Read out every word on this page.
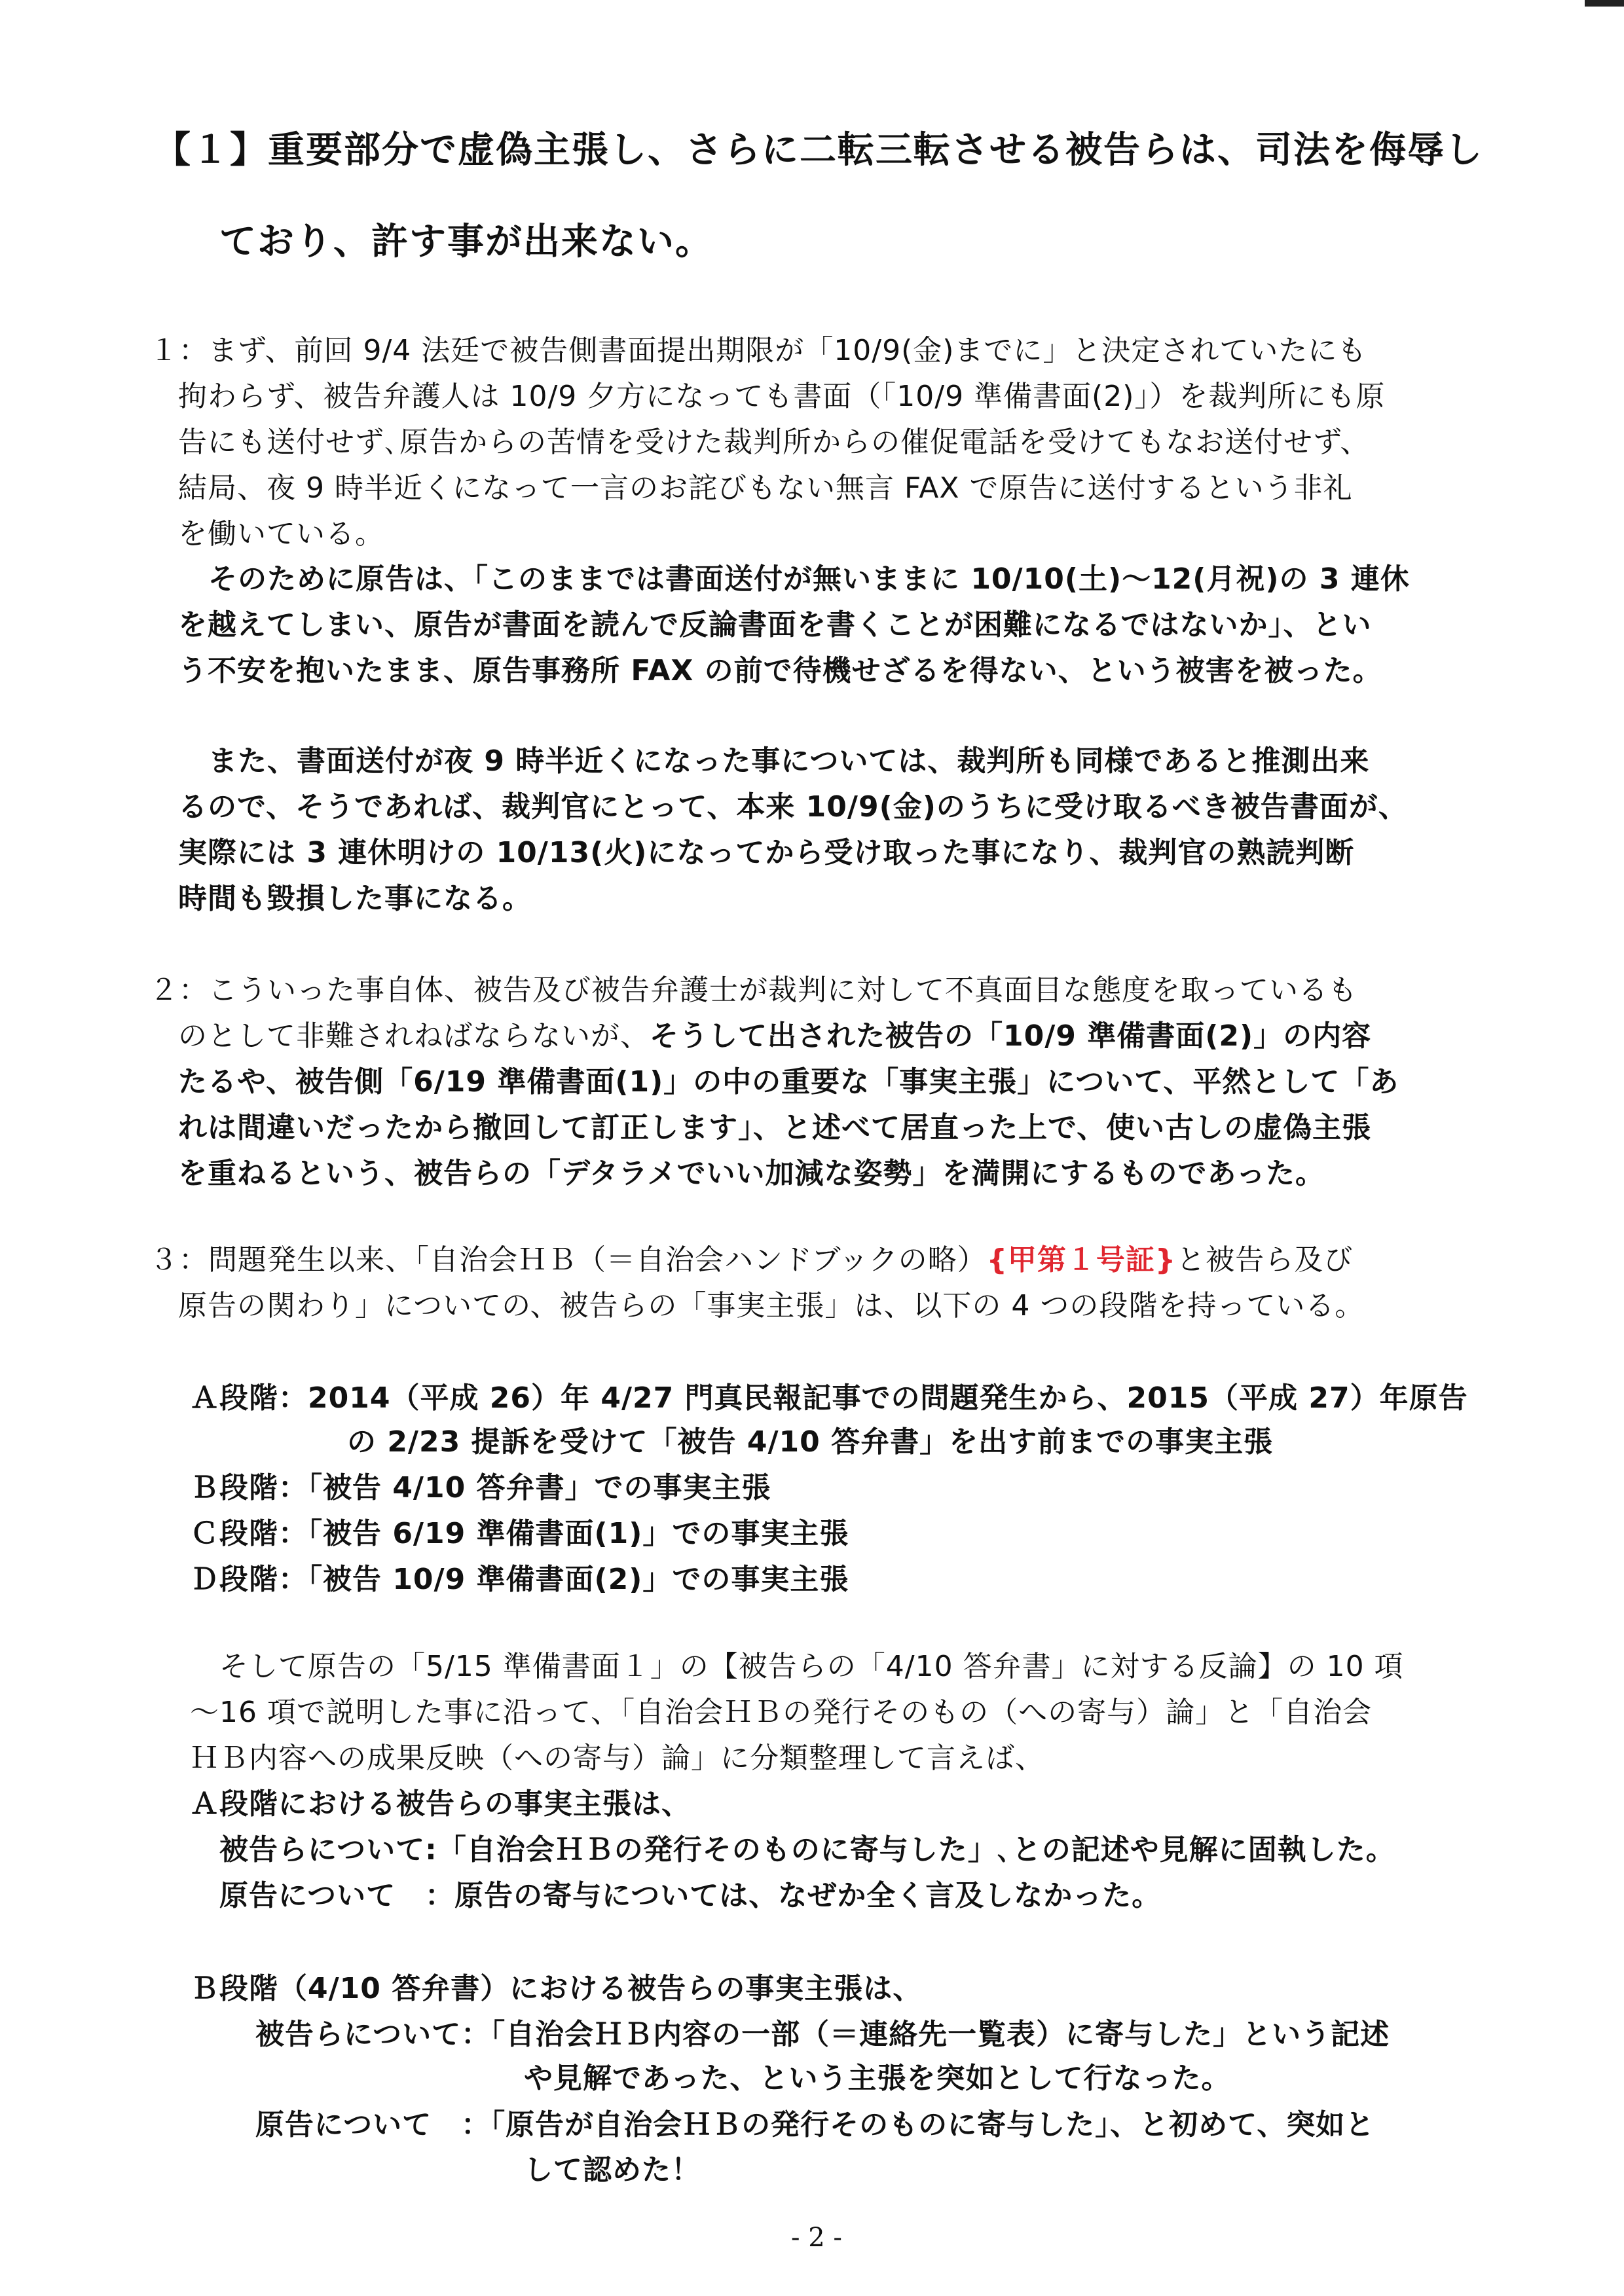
【１】重要部分で虚偽主張し、さらに二転三転させる被告らは、司法を侮辱し

ており、許す事が出来ない。

１：まず、前回 9/4 法廷で被告側書面提出期限が「10/9(金)までに」と決定されていたにも

拘わらず、被告弁護人は 10/9 夕方になっても書面（「10/9 準備書面(2)」）を裁判所にも原

告にも送付せず､原告からの苦情を受けた裁判所からの催促電話を受けてもなお送付せず、

結局、夜 9 時半近くになって一言のお詫びもない無言 FAX で原告に送付するという非礼

を働いている。

そのために原告は、「このままでは書面送付が無いままに 10/10(土)～12(月祝)の 3 連休

を越えてしまい、原告が書面を読んで反論書面を書くことが困難になるではないか」、とい

う不安を抱いたまま、原告事務所 FAX の前で待機せざるを得ない、という被害を被った。

また、書面送付が夜 9 時半近くになった事については、裁判所も同様であると推測出来

るので、そうであれば、裁判官にとって、本来 10/9(金)のうちに受け取るべき被告書面が、

実際には 3 連休明けの 10/13(火)になってから受け取った事になり、裁判官の熟読判断

時間も毀損した事になる。

２：こういった事自体、被告及び被告弁護士が裁判に対して不真面目な態度を取っているも

のとして非難されねばならないが、そうして出された被告の「10/9 準備書面(2)」の内容

たるや、被告側「6/19 準備書面(1)」の中の重要な「事実主張」について、平然として「あ

れは間違いだったから撤回して訂正します」、と述べて居直った上で、使い古しの虚偽主張

を重ねるという、被告らの「デタラメでいい加減な姿勢」を満開にするものであった。

３：問題発生以来、「自治会ＨＢ（＝自治会ハンドブックの略）{甲第１号証}と被告ら及び

原告の関わり」についての、被告らの「事実主張」は、以下の 4 つの段階を持っている。

Ａ段階：2014（平成 26）年 4/27 門真民報記事での問題発生から、2015（平成 27）年原告

の 2/23 提訴を受けて「被告 4/10 答弁書」を出す前までの事実主張

Ｂ段階：「被告 4/10 答弁書」での事実主張

Ｃ段階：「被告 6/19 準備書面(1)」での事実主張

Ｄ段階：「被告 10/9 準備書面(2)」での事実主張

そして原告の「5/15 準備書面１」の【被告らの「4/10 答弁書」に対する反論】の 10 項

～16 項で説明した事に沿って、「自治会ＨＢの発行そのもの（への寄与）論」と「自治会

ＨＢ内容への成果反映（への寄与）論」に分類整理して言えば、

Ａ段階における被告らの事実主張は、

被告らについて:「自治会ＨＢの発行そのものに寄与した」､との記述や見解に固執した。

原告について　：原告の寄与については、なぜか全く言及しなかった。

Ｂ段階（4/10 答弁書）における被告らの事実主張は、

被告らについて：「自治会ＨＢ内容の一部（＝連絡先一覧表）に寄与した」という記述

や見解であった、という主張を突如として行なった。

原告について　：「原告が自治会ＨＢの発行そのものに寄与した」、と初めて、突如と

して認めた！

- 2 -
